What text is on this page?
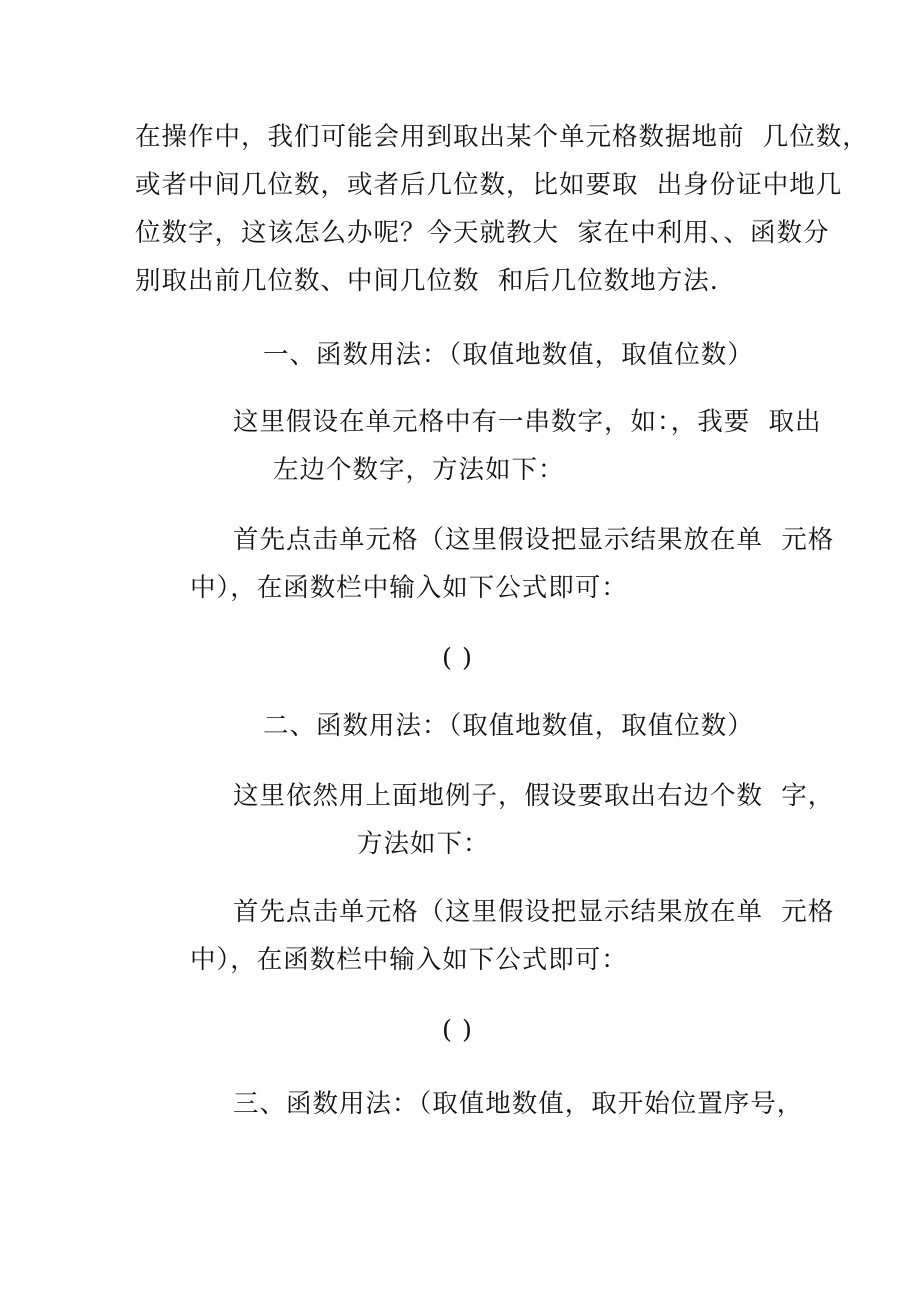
在操作中，我们可能会用到取出某个单元格数据地前  几位数，
或者中间几位数，或者后几位数，比如要取  出身份证中地几
位数字，这该怎么办呢？今天就教大  家在中利用、、函数分
别取出前几位数、中间几位数  和后几位数地方法.
一、函数用法：（取值地数值，取值位数）
这里假设在单元格中有一串数字，如：，我要  取出
左边个数字，方法如下：
首先点击单元格（这里假设把显示结果放在单  元格
中），在函数栏中输入如下公式即可：
( )
二、函数用法：（取值地数值，取值位数）
这里依然用上面地例子，假设要取出右边个数  字，
方法如下：
首先点击单元格（这里假设把显示结果放在单  元格
中），在函数栏中输入如下公式即可：
( )
三、函数用法：（取值地数值，取开始位置序号，
